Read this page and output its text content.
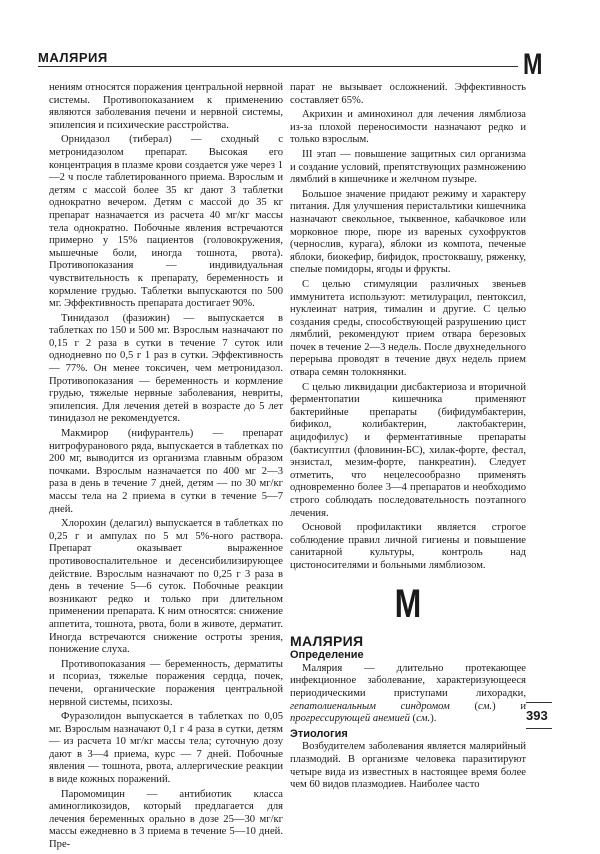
МАЛЯРИЯ	М

нениям относятся поражения центральной нервной системы. Противопоказанием к применению являются заболевания печени и нервной системы, эпилепсия и психические расстройства.

Орнидазол (тиберал) — сходный с метронидазолом препарат. Высокая его концентрация в плазме крови создается уже через 1—2 ч после таблетированного приема. Взрослым и детям с массой более 35 кг дают 3 таблетки однократно вечером. Детям с массой до 35 кг препарат назначается из расчета 40 мг/кг массы тела однократно. Побочные явления встречаются примерно у 15% пациентов (головокружения, мышечные боли, иногда тошнота, рвота). Противопоказания — индивидуальная чувствительность к препарату, беременность и кормление грудью. Таблетки выпускаются по 500 мг. Эффективность препарата достигает 90%.

Тинидазол (фазижин) — выпускается в таблетках по 150 и 500 мг. Взрослым назначают по 0,15 г 2 раза в сутки в течение 7 суток или однодневно по 0,5 г 1 раз в сутки. Эффективность — 77%. Он менее токсичен, чем метронидазол. Противопоказания — беременность и кормление грудью, тяжелые нервные заболевания, невриты, эпилепсия. Для лечения детей в возрасте до 5 лет тинидазол не рекомендуется.

Макмирор (нифурантель) — препарат нитрофуранового ряда, выпускается в таблетках по 200 мг, выводится из организма главным образом почками. Взрослым назначается по 400 мг 2—3 раза в день в течение 7 дней, детям — по 30 мг/кг массы тела на 2 приема в сутки в течение 5—7 дней.

Хлорохин (делагил) выпускается в таблетках по 0,25 г и ампулах по 5 мл 5%-ного раствора. Препарат оказывает выраженное противовоспалительное и десенсибилизирующее действие. Взрослым назначают по 0,25 г 3 раза в день в течение 5—6 суток. Побочные реакции возникают редко и только при длительном применении препарата. К ним относятся: снижение аппетита, тошнота, рвота, боли в животе, дерматит. Иногда встречаются снижение остроты зрения, понижение слуха.

Противопоказания — беременность, дерматиты и псориаз, тяжелые поражения сердца, почек, печени, органические поражения центральной нервной системы, психозы.

Фуразолидон выпускается в таблетках по 0,05 мг. Взрослым назначают 0,1 г 4 раза в сутки, детям — из расчета 10 мг/кг массы тела; суточную дозу дают в 3—4 приема, курс — 7 дней. Побочные явления — тошнота, рвота, аллергические реакции в виде кожных поражений.

Паромомицин — антибиотик класса аминогликозидов, который предлагается для лечения беременных орально в дозе 25—30 мг/кг массы ежедневно в 3 приема в течение 5—10 дней. Пре-

парат не вызывает осложнений. Эффективность составляет 65%.

Акрихин и аминохинол для лечения лямблиоза из-за плохой переносимости назначают редко и только взрослым.

III этап — повышение защитных сил организма и создание условий, препятствующих размножению лямблий в кишечнике и желчном пузыре.

Большое значение придают режиму и характеру питания. Для улучшения перистальтики кишечника назначают свекольное, тыквенное, кабачковое или морковное пюре, пюре из вареных сухофруктов (чернослив, курага), яблоки из компота, печеные яблоки, биокефир, бифидок, простоквашу, ряженку, спелые помидоры, ягоды и фрукты.

С целью стимуляции различных звеньев иммунитета используют: метилурацил, пентоксил, нуклеинат натрия, тималин и другие. С целью создания среды, способствующей разрушению цист лямблий, рекомендуют прием отвара березовых почек в течение 2—3 недель. После двухнедельного перерыва проводят в течение двух недель прием отвара семян толокнянки.

С целью ликвидации дисбактериоза и вторичной ферментопатии кишечника применяют бактерийные препараты (бифидумбактерин, бификол, колибактерин, лактобактерин, ацидофилус) и ферментативные препараты (бактисуптил (фловинин-БС), хилак-форте, фестал, энзистал, мезим-форте, панкреатин). Следует отметить, что нецелесообразно применять одновременно более 3—4 препаратов и необходимо строго соблюдать последовательность поэтапного лечения.

Основой профилактики является строгое соблюдение правил личной гигиены и повышение санитарной культуры, контроль над цистоносителями и больными лямблиозом.

М
МАЛЯРИЯ
Определение

Малярия — длительно протекающее инфекционное заболевание, характеризующееся периодическими приступами лихорадки, гепатолиенальным синдромом (см.) и прогрессирующей анемией (см.).

Этиология

Возбудителем заболевания является малярийный плазмодий. В организме человека паразитируют четыре вида из известных в настоящее время более чем 60 видов плазмодиев. Наиболее часто

393
